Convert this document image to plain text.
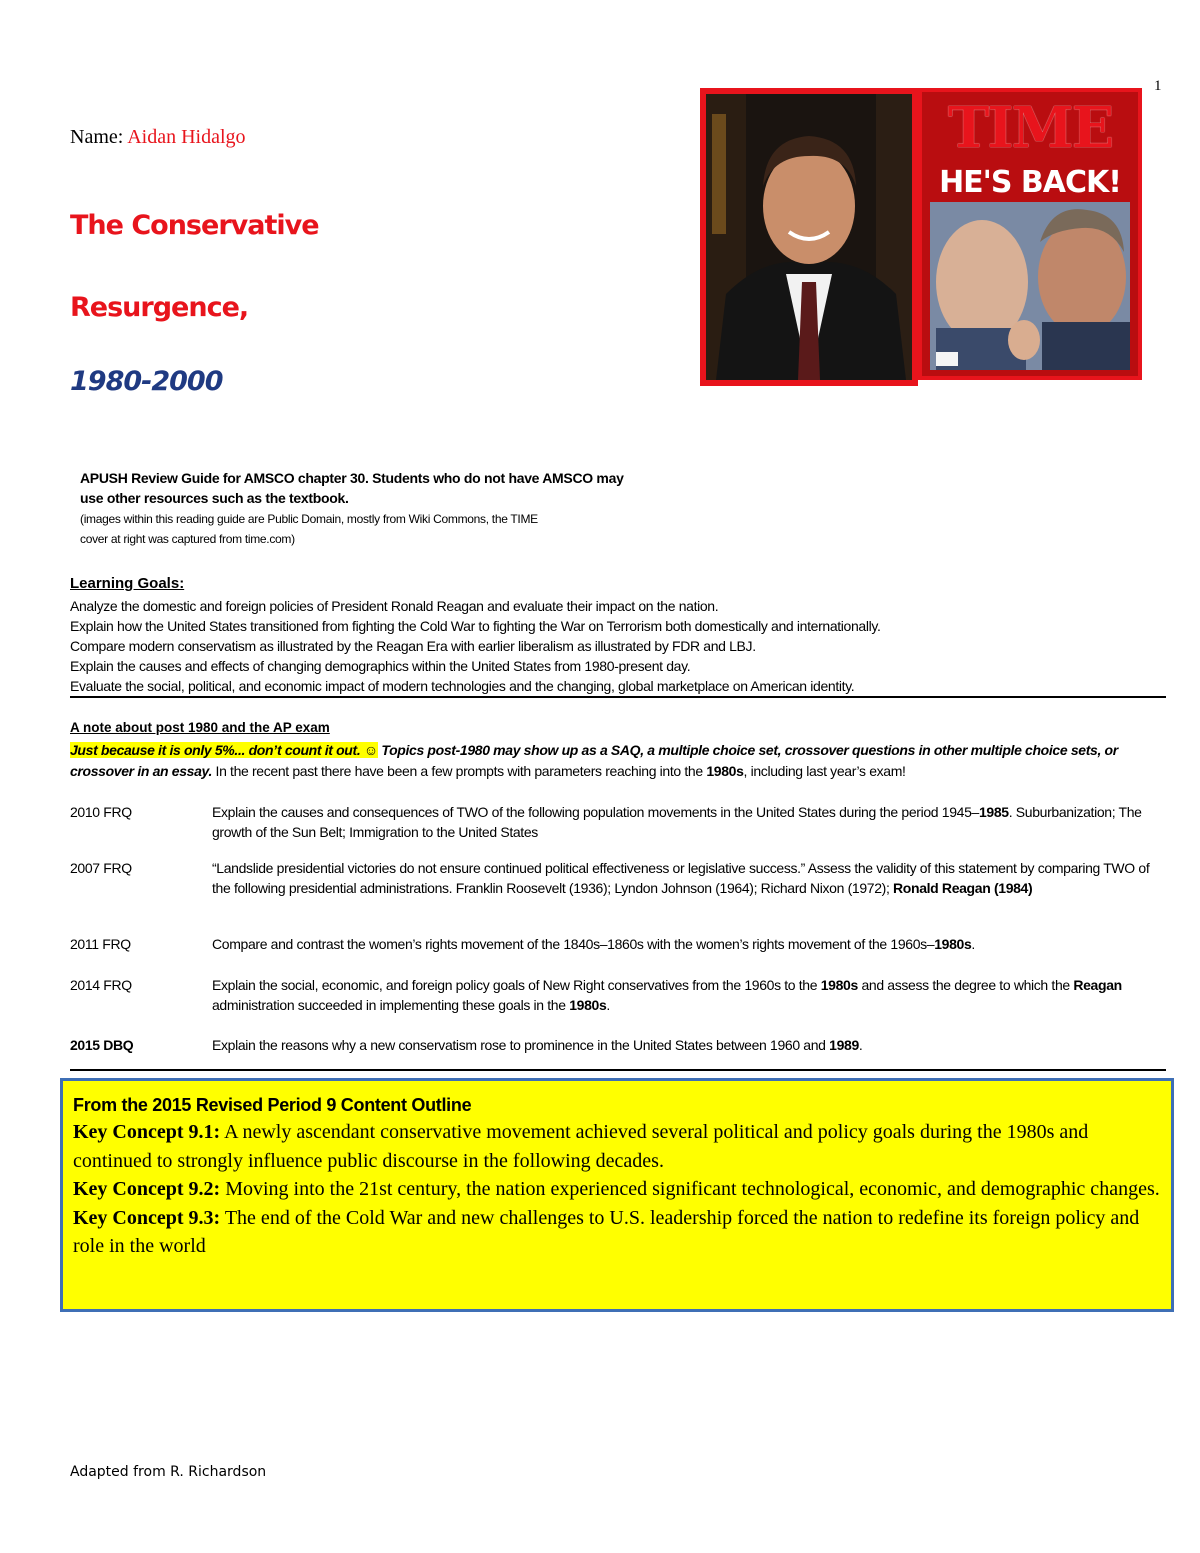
1
Name: Aidan Hidalgo
The Conservative
Resurgence,
1980-2000
TIME
HE'S BACK!
APUSH Review Guide for AMSCO chapter 30. Students who do not have AMSCO may
use other resources such as the textbook.
(images within this reading guide are Public Domain, mostly from Wiki Commons, the TIME
cover at right was captured from time.com)
Learning Goals:
Analyze the domestic and foreign policies of President Ronald Reagan and evaluate their impact on the nation.
Explain how the United States transitioned from fighting the Cold War to fighting the War on Terrorism both domestically and internationally.
Compare modern conservatism as illustrated by the Reagan Era with earlier liberalism as illustrated by FDR and LBJ.
Explain the causes and effects of changing demographics within the United States from 1980-present day.
Evaluate the social, political, and economic impact of modern technologies and the changing, global marketplace on American identity.
A note about post 1980 and the AP exam
Just because it is only 5%... don’t count it out. ☺ Topics post-1980 may show up as a SAQ, a multiple choice set, crossover questions in other multiple choice sets, or crossover in an essay. In the recent past there have been a few prompts with parameters reaching into the 1980s, including last year’s exam!
2010 FRQ	Explain the causes and consequences of TWO of the following population movements in the United States during the period 1945–1985. Suburbanization; The growth of the Sun Belt; Immigration to the United States
2007 FRQ	“Landslide presidential victories do not ensure continued political effectiveness or legislative success.” Assess the validity of this statement by comparing TWO of the following presidential administrations. Franklin Roosevelt (1936); Lyndon Johnson (1964); Richard Nixon (1972); Ronald Reagan (1984)
2011 FRQ	Compare and contrast the women’s rights movement of the 1840s–1860s with the women’s rights movement of the 1960s–1980s.
2014 FRQ	Explain the social, economic, and foreign policy goals of New Right conservatives from the 1960s to the 1980s and assess the degree to which the Reagan administration succeeded in implementing these goals in the 1980s.
2015 DBQ	Explain the reasons why a new conservatism rose to prominence in the United States between 1960 and 1989.
From the 2015 Revised Period 9 Content Outline
Key Concept 9.1: A newly ascendant conservative movement achieved several political and policy goals during the 1980s and continued to strongly influence public discourse in the following decades.
Key Concept 9.2: Moving into the 21st century, the nation experienced significant technological, economic, and demographic changes.
Key Concept 9.3: The end of the Cold War and new challenges to U.S. leadership forced the nation to redefine its foreign policy and role in the world
Adapted from R. Richardson
